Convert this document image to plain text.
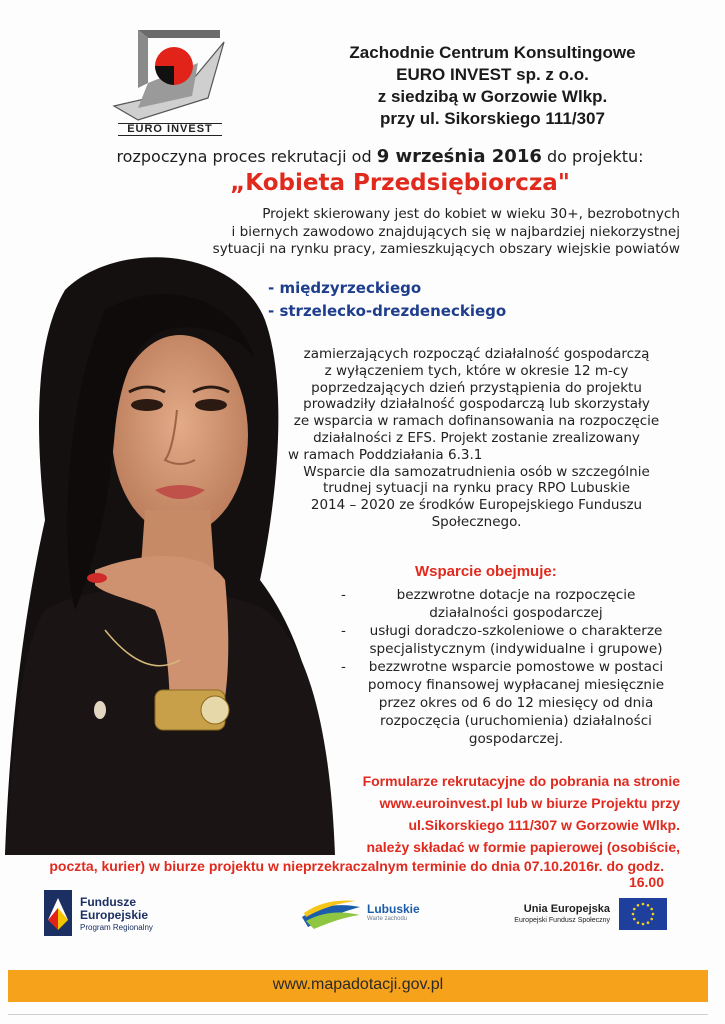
EURO INVEST
Zachodnie Centrum Konsultingowe
EURO INVEST sp. z o.o.
z siedzibą w Gorzowie Wlkp.
przy ul. Sikorskiego 111/307
rozpoczyna proces rekrutacji od 9 września 2016 do projektu:
„Kobieta Przedsiębiorcza"
Projekt skierowany jest do kobiet w wieku 30+, bezrobotnych
i biernych zawodowo znajdujących się w najbardziej niekorzystnej
sytuacji na rynku pracy, zamieszkujących obszary wiejskie powiatów
- międzyrzeckiego
- strzelecko-drezdeneckiego
zamierzających rozpocząć działalność gospodarczą
z wyłączeniem tych, które w okresie 12 m-cy
poprzedzających dzień przystąpienia do projektu
prowadziły działalność gospodarczą lub skorzystały
ze wsparcia w ramach dofinansowania na rozpoczęcie
działalności z EFS. Projekt zostanie zrealizowany
w ramach Poddziałania 6.3.1
Wsparcie dla samozatrudnienia osób w szczególnie
trudnej sytuacji na rynku pracy RPO Lubuskie
2014 – 2020 ze środków Europejskiego Funduszu
Społecznego.
Wsparcie obejmuje:
- bezzwrotne dotacje na rozpoczęcie działalności gospodarczej
- usługi doradczo-szkoleniowe o charakterze specjalistycznym (indywidualne i grupowe)
- bezzwrotne wsparcie pomostowe w postaci pomocy finansowej wypłacanej miesięcznie przez okres od 6 do 12 miesięcy od dnia rozpoczęcia (uruchomienia) działalności gospodarczej.
Formularze rekrutacyjne do pobrania na stronie
www.euroinvest.pl lub w biurze Projektu przy
ul.Sikorskiego 111/307 w Gorzowie Wlkp.
należy składać w formie papierowej (osobiście,
poczta, kurier) w biurze projektu w nieprzekraczalnym terminie do dnia 07.10.2016r. do godz. 16.00
Fundusze
Europejskie
Program Regionalny
Lubuskie
Warte zachodu
Unia Europejska
Europejski Fundusz Społeczny
www.mapadotacji.gov.pl
